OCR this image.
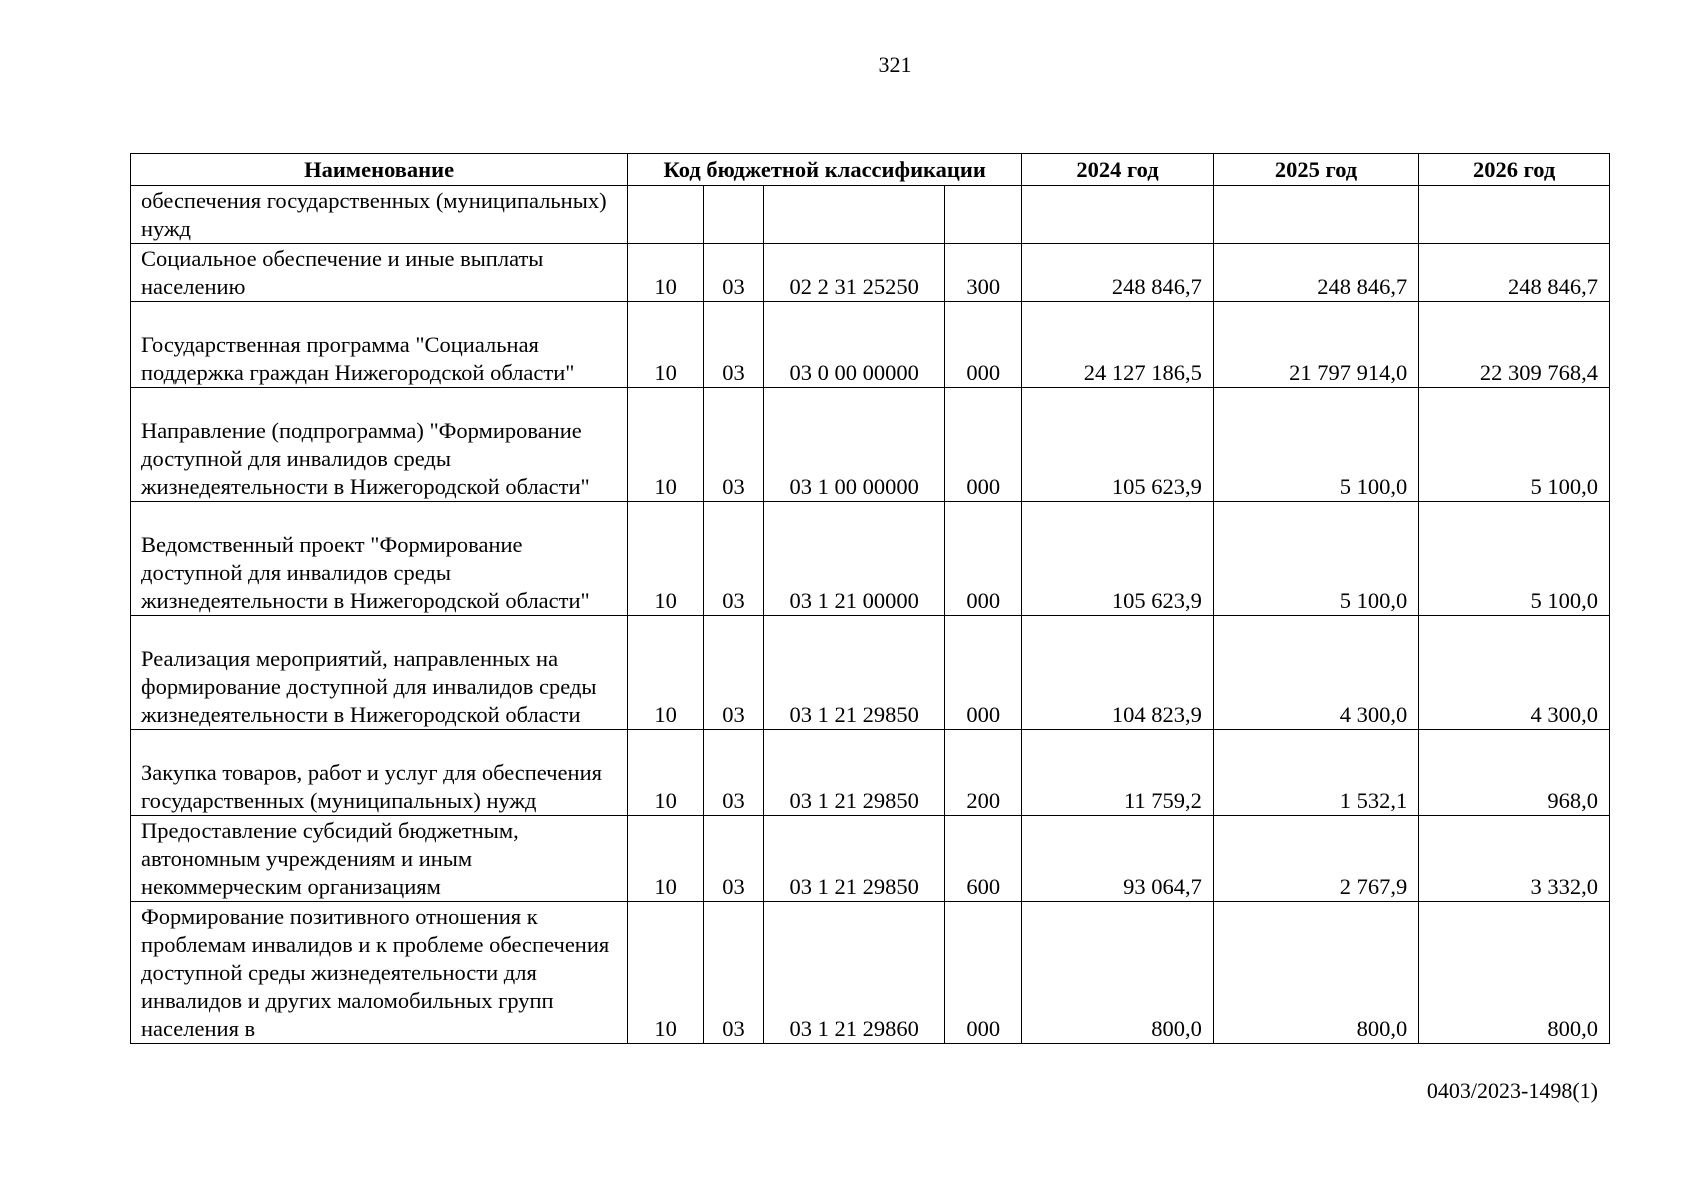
321
Наименование	Код бюджетной классификации				2024 год	2025 год	2026 год
обеспечения государственных (муниципальных) нужд							
Социальное обеспечение и иные выплаты населению	10	03	02 2 31 25250	300	248 846,7	248 846,7	248 846,7
Государственная программа "Социальная поддержка граждан Нижегородской области"	10	03	03 0 00 00000	000	24 127 186,5	21 797 914,0	22 309 768,4
Направление (подпрограмма) "Формирование доступной для инвалидов среды жизнедеятельности в Нижегородской области"	10	03	03 1 00 00000	000	105 623,9	5 100,0	5 100,0
Ведомственный проект "Формирование доступной для инвалидов среды жизнедеятельности в Нижегородской области"	10	03	03 1 21 00000	000	105 623,9	5 100,0	5 100,0
Реализация мероприятий, направленных на формирование доступной для инвалидов среды жизнедеятельности в Нижегородской области	10	03	03 1 21 29850	000	104 823,9	4 300,0	4 300,0
Закупка товаров, работ и услуг для обеспечения государственных (муниципальных) нужд	10	03	03 1 21 29850	200	11 759,2	1 532,1	968,0
Предоставление субсидий бюджетным, автономным учреждениям и иным некоммерческим организациям	10	03	03 1 21 29850	600	93 064,7	2 767,9	3 332,0
Формирование позитивного отношения к проблемам инвалидов и к проблеме обеспечения доступной среды жизнедеятельности для инвалидов и других маломобильных групп населения в	10	03	03 1 21 29860	000	800,0	800,0	800,0
0403/2023-1498(1)
